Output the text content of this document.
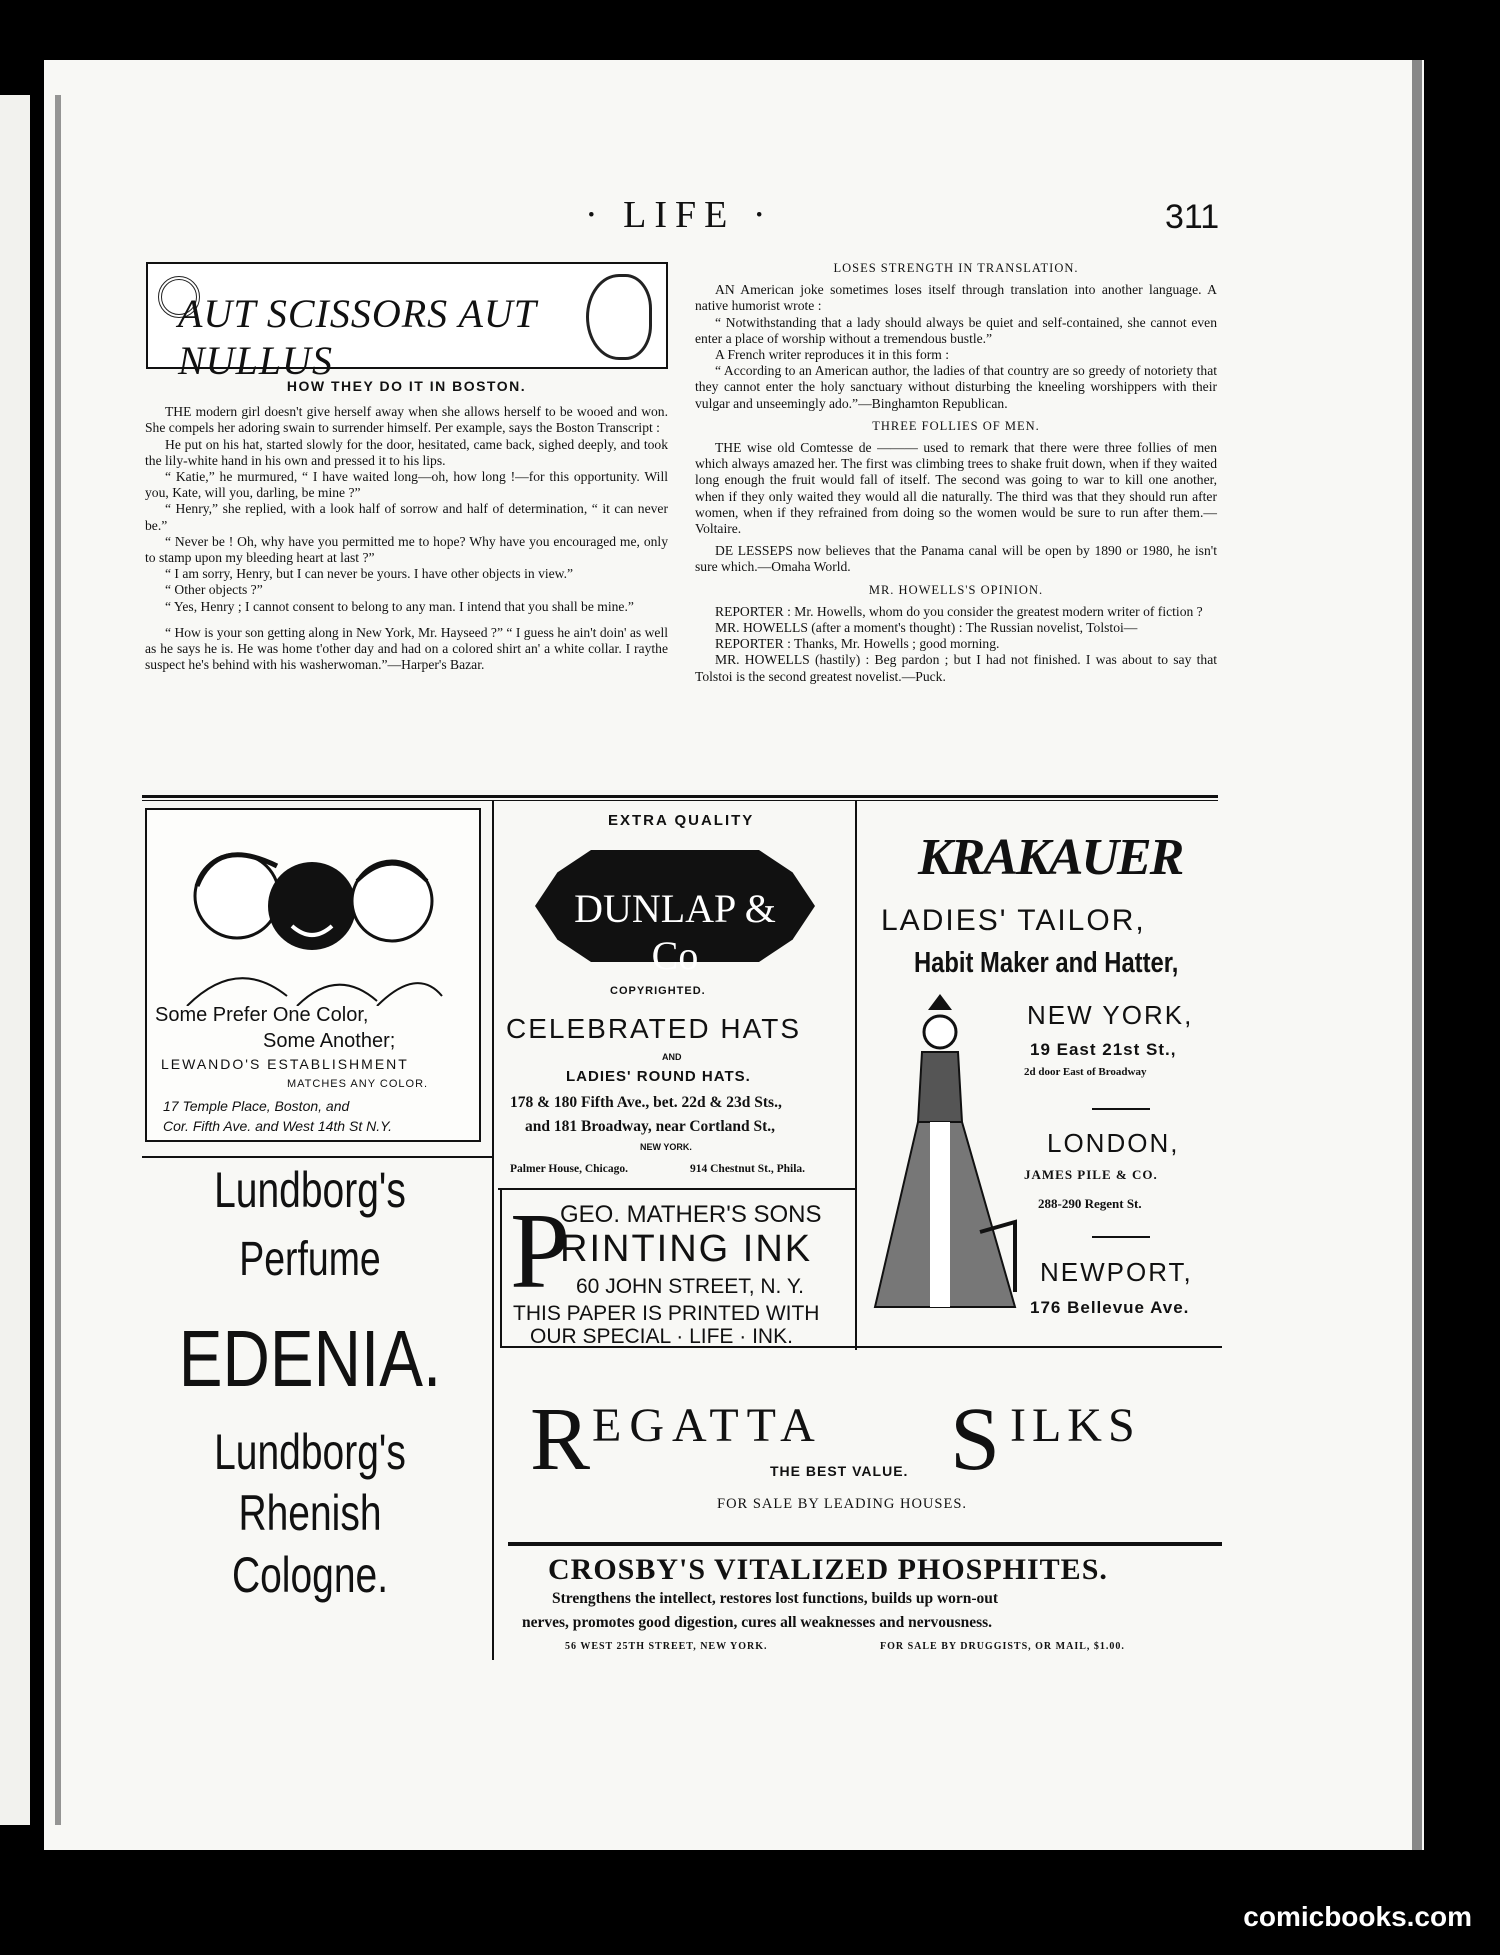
· LIFE ·	311
AUT SCISSORS AUT NULLUS

HOW THEY DO IT IN BOSTON.

THE modern girl doesn't give herself away when she allows herself to be wooed and won. She compels her adoring swain to surrender himself. Per example, says the Boston Transcript :

He put on his hat, started slowly for the door, hesitated, came back, sighed deeply, and took the lily-white hand in his own and pressed it to his lips.

“ Katie,” he murmured, “ I have waited long—oh, how long !—for this opportunity. Will you, Kate, will you, darling, be mine ?”

“ Henry,” she replied, with a look half of sorrow and half of determination, “ it can never be.”

“ Never be ! Oh, why have you permitted me to hope? Why have you encouraged me, only to stamp upon my bleeding heart at last ?”

“ I am sorry, Henry, but I can never be yours. I have other objects in view.”

“ Other objects ?”

“ Yes, Henry ; I cannot consent to belong to any man. I intend that you shall be mine.”

“ How is your son getting along in New York, Mr. Hayseed ?” “ I guess he ain't doin' as well as he says he is. He was home t'other day and had on a colored shirt an' a white collar. I raythe suspect he's behind with his washerwoman.”—Harper's Bazar.

LOSES STRENGTH IN TRANSLATION.

AN American joke sometimes loses itself through translation into another language. A native humorist wrote :

“ Notwithstanding that a lady should always be quiet and self-contained, she cannot even enter a place of worship without a tremendous bustle.”

A French writer reproduces it in this form :

“ According to an American author, the ladies of that country are so greedy of notoriety that they cannot enter the holy sanctuary without disturbing the kneeling worshippers with their vulgar and unseemingly ado.”—Binghamton Republican.

THREE FOLLIES OF MEN.

THE wise old Comtesse de ——— used to remark that there were three follies of men which always amazed her. The first was climbing trees to shake fruit down, when if they waited long enough the fruit would fall of itself. The second was going to war to kill one another, when if they only waited they would all die naturally. The third was that they should run after women, when if they refrained from doing so the women would be sure to run after them.—Voltaire.

DE LESSEPS now believes that the Panama canal will be open by 1890 or 1980, he isn't sure which.—Omaha World.

MR. HOWELLS'S OPINION.

REPORTER : Mr. Howells, whom do you consider the greatest modern writer of fiction ?

MR. HOWELLS (after a moment's thought) : The Russian novelist, Tolstoi—

REPORTER : Thanks, Mr. Howells ; good morning.

MR. HOWELLS (hastily) : Beg pardon ; but I had not finished. I was about to say that Tolstoi is the second greatest novelist.—Puck.

Some Prefer One Color,
Some Another;
LEWANDO'S ESTABLISHMENT
MATCHES ANY COLOR.
17 Temple Place, Boston, and
Cor. Fifth Ave. and West 14th St N.Y.
EXTRA QUALITY
DUNLAP & Co
COPYRIGHTED.
CELEBRATED HATS
AND
LADIES' ROUND HATS.
178 & 180 Fifth Ave., bet. 22d & 23d Sts.,
and 181 Broadway, near Cortland St.,
NEW YORK.
Palmer House, Chicago.	914 Chestnut St., Phila.
P
GEO. MATHER'S SONS
RINTING INK
60 JOHN STREET, N. Y.
THIS PAPER IS PRINTED WITH
OUR SPECIAL · LIFE · INK.
KRAKAUER
LADIES' TAILOR,
Habit Maker and Hatter,
NEW YORK,
19 East 21st St.,
2d door East of Broadway
LONDON,
JAMES PILE & CO.
288-290 Regent St.
NEWPORT,
176 Bellevue Ave.
Lundborg's
Perfume
EDENIA.
Lundborg's
Rhenish Cologne.
R EGATTA S ILKS
THE BEST VALUE.
FOR SALE BY LEADING HOUSES.
CROSBY'S VITALIZED PHOSPHITES.
Strengthens the intellect, restores lost functions, builds up worn-out
nerves, promotes good digestion, cures all weaknesses and nervousness.
56 WEST 25TH STREET, NEW YORK.	FOR SALE BY DRUGGISTS, OR MAIL, $1.00.
comicbooks.com
